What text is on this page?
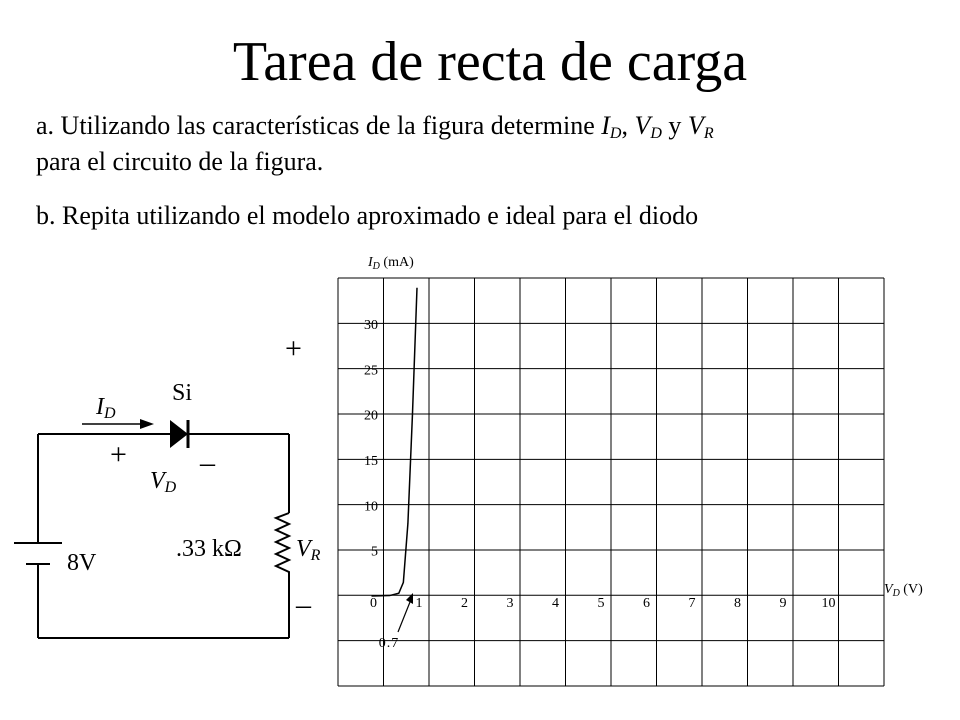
Tarea de recta de carga

a. Utilizando las características de la figura determine $I_D$, $V_D$ y $V_R$
para el circuito de la figura.

b. Repita utilizando el modelo aproximado e ideal para el diodo

Si
$I_D$
+ –
$V_D$
8V
.33 kΩ $V_R$
+
–	0	1	2	3	4	5	6	7	8	9	10
5
10
15
20
25
30
0.7
$I_D$ (mA)
$V_D$ (V)
